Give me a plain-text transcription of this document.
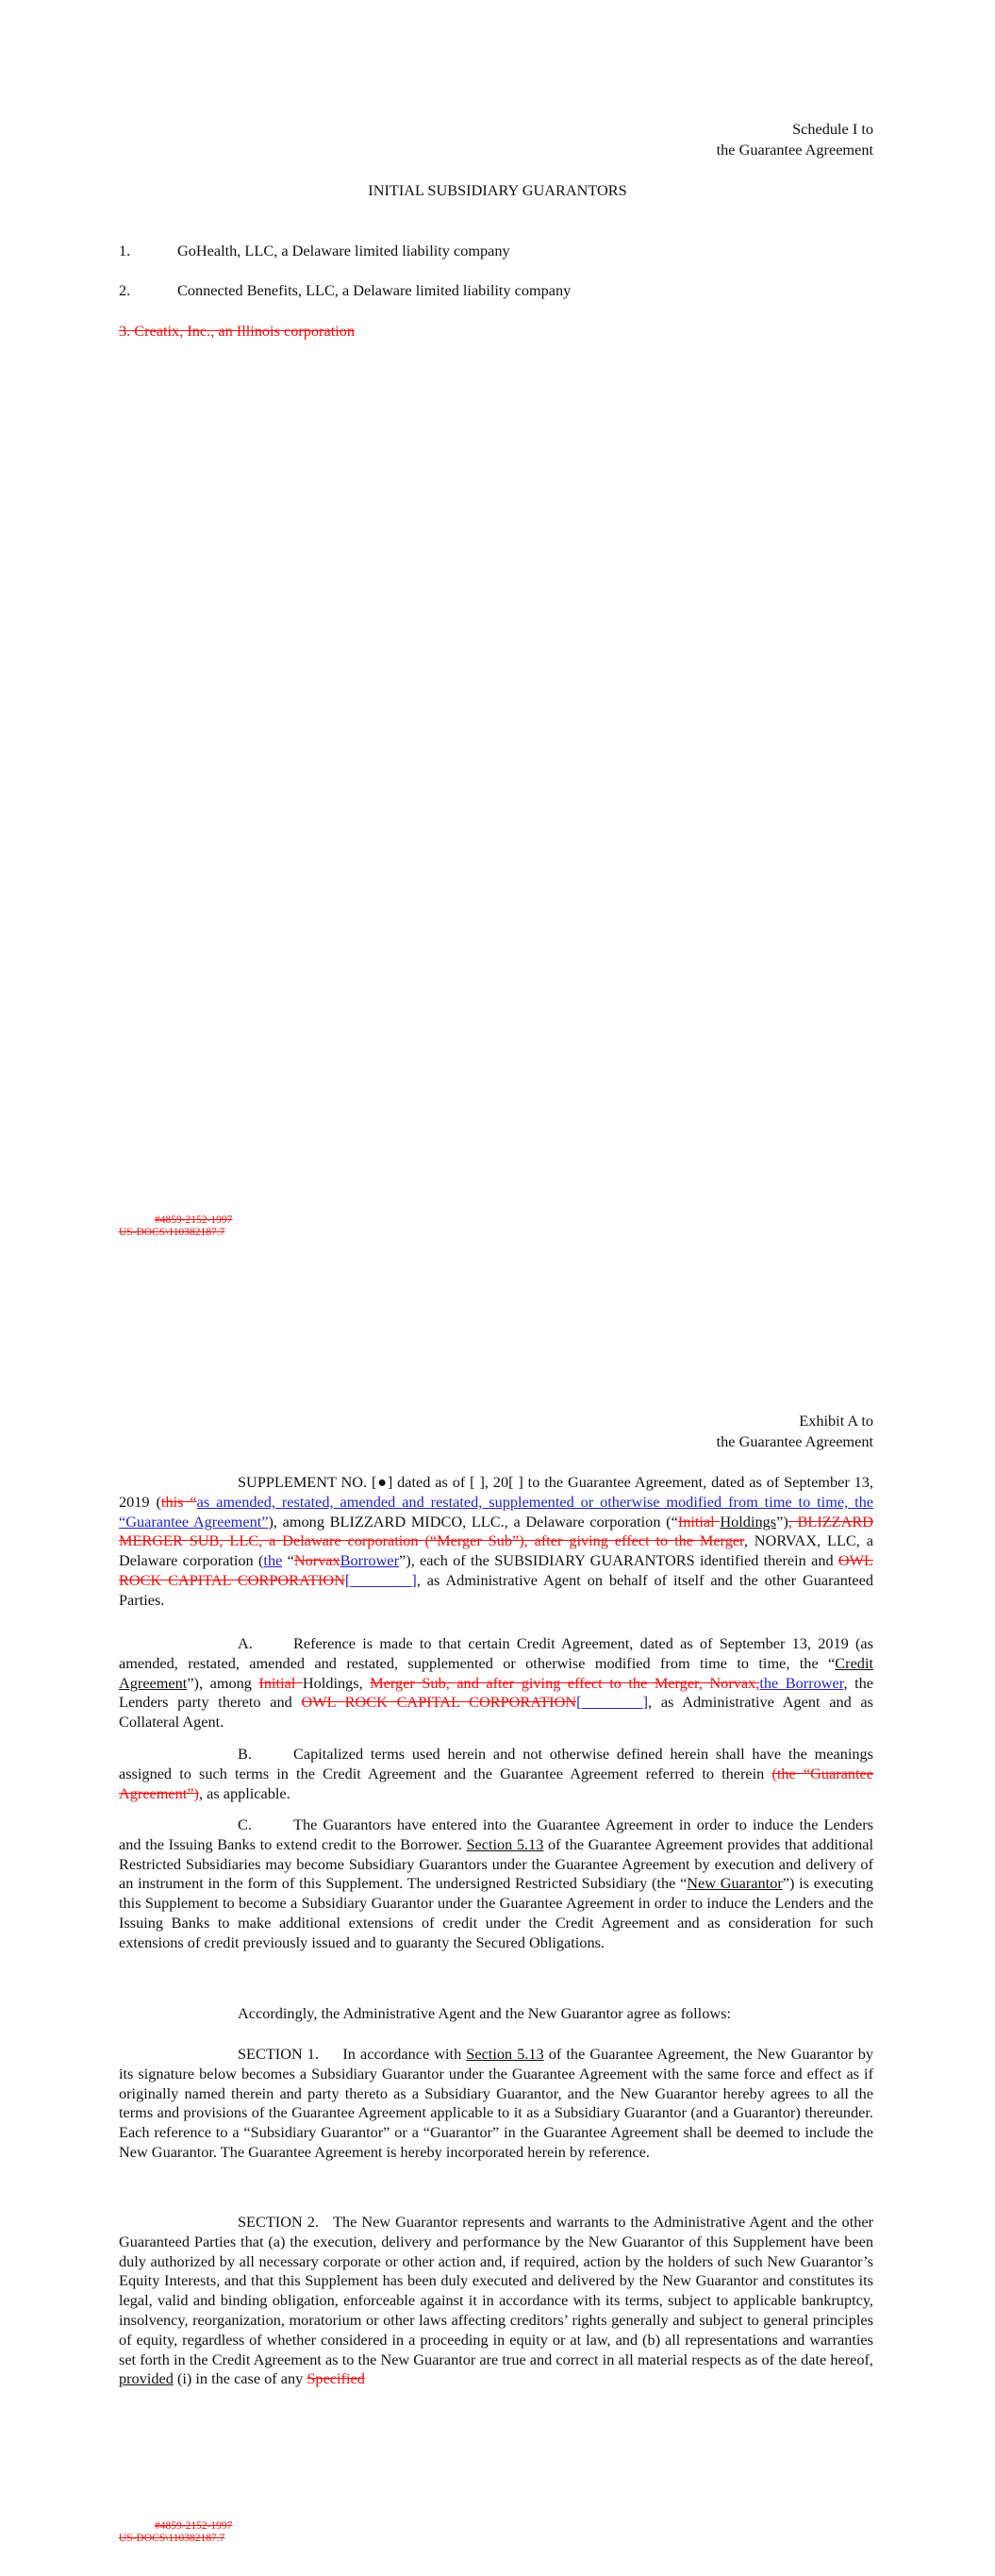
Schedule I to
the Guarantee Agreement
INITIAL SUBSIDIARY GUARANTORS
1.	GoHealth, LLC, a Delaware limited liability company
2.	Connected Benefits, LLC, a Delaware limited liability company
3. Creatix, Inc., an Illinois corporation
#4859-2152-1997
US-DOCS\110382187.7
Exhibit A to
the Guarantee Agreement

SUPPLEMENT NO. [●] dated as of [ ], 20[ ] to the Guarantee Agreement, dated as of September 13, 2019 (this “as amended, restated, amended and restated, supplemented or otherwise modified from time to time, the “Guarantee Agreement”), among BLIZZARD MIDCO, LLC., a Delaware corporation (“Initial Holdings”), BLIZZARD MERGER SUB, LLC, a Delaware corporation (“Merger Sub”), after giving effect to the Merger, NORVAX, LLC, a Delaware corporation (the “NorvaxBorrower”), each of the SUBSIDIARY GUARANTORS identified therein and OWL ROCK CAPITAL CORPORATION[________], as Administrative Agent on behalf of itself and the other Guaranteed Parties.

A.	Reference is made to that certain Credit Agreement, dated as of September 13, 2019 (as amended, restated, amended and restated, supplemented or otherwise modified from time to time, the “Credit Agreement”), among Initial Holdings, Merger Sub, and after giving effect to the Merger, Norvax,the Borrower, the Lenders party thereto and OWL ROCK CAPITAL CORPORATION[________], as Administrative Agent and as Collateral Agent.

B.	Capitalized terms used herein and not otherwise defined herein shall have the meanings assigned to such terms in the Credit Agreement and the Guarantee Agreement referred to therein (the “Guarantee Agreement”), as applicable.

C.	The Guarantors have entered into the Guarantee Agreement in order to induce the Lenders and the Issuing Banks to extend credit to the Borrower. Section 5.13 of the Guarantee Agreement provides that additional Restricted Subsidiaries may become Subsidiary Guarantors under the Guarantee Agreement by execution and delivery of an instrument in the form of this Supplement. The undersigned Restricted Subsidiary (the “New Guarantor”) is executing this Supplement to become a Subsidiary Guarantor under the Guarantee Agreement in order to induce the Lenders and the Issuing Banks to make additional extensions of credit under the Credit Agreement and as consideration for such extensions of credit previously issued and to guaranty the Secured Obligations.

Accordingly, the Administrative Agent and the New Guarantor agree as follows:

SECTION 1. In accordance with Section 5.13 of the Guarantee Agreement, the New Guarantor by its signature below becomes a Subsidiary Guarantor under the Guarantee Agreement with the same force and effect as if originally named therein and party thereto as a Subsidiary Guarantor, and the New Guarantor hereby agrees to all the terms and provisions of the Guarantee Agreement applicable to it as a Subsidiary Guarantor (and a Guarantor) thereunder. Each reference to a “Subsidiary Guarantor” or a “Guarantor” in the Guarantee Agreement shall be deemed to include the New Guarantor. The Guarantee Agreement is hereby incorporated herein by reference.

SECTION 2. The New Guarantor represents and warrants to the Administrative Agent and the other Guaranteed Parties that (a) the execution, delivery and performance by the New Guarantor of this Supplement have been duly authorized by all necessary corporate or other action and, if required, action by the holders of such New Guarantor’s Equity Interests, and that this Supplement has been duly executed and delivered by the New Guarantor and constitutes its legal, valid and binding obligation, enforceable against it in accordance with its terms, subject to applicable bankruptcy, insolvency, reorganization, moratorium or other laws affecting creditors’ rights generally and subject to general principles of equity, regardless of whether considered in a proceeding in equity or at law, and (b) all representations and warranties set forth in the Credit Agreement as to the New Guarantor are true and correct in all material respects as of the date hereof, provided (i) in the case of any Specified

#4859-2152-1997
US-DOCS\110382187.7
